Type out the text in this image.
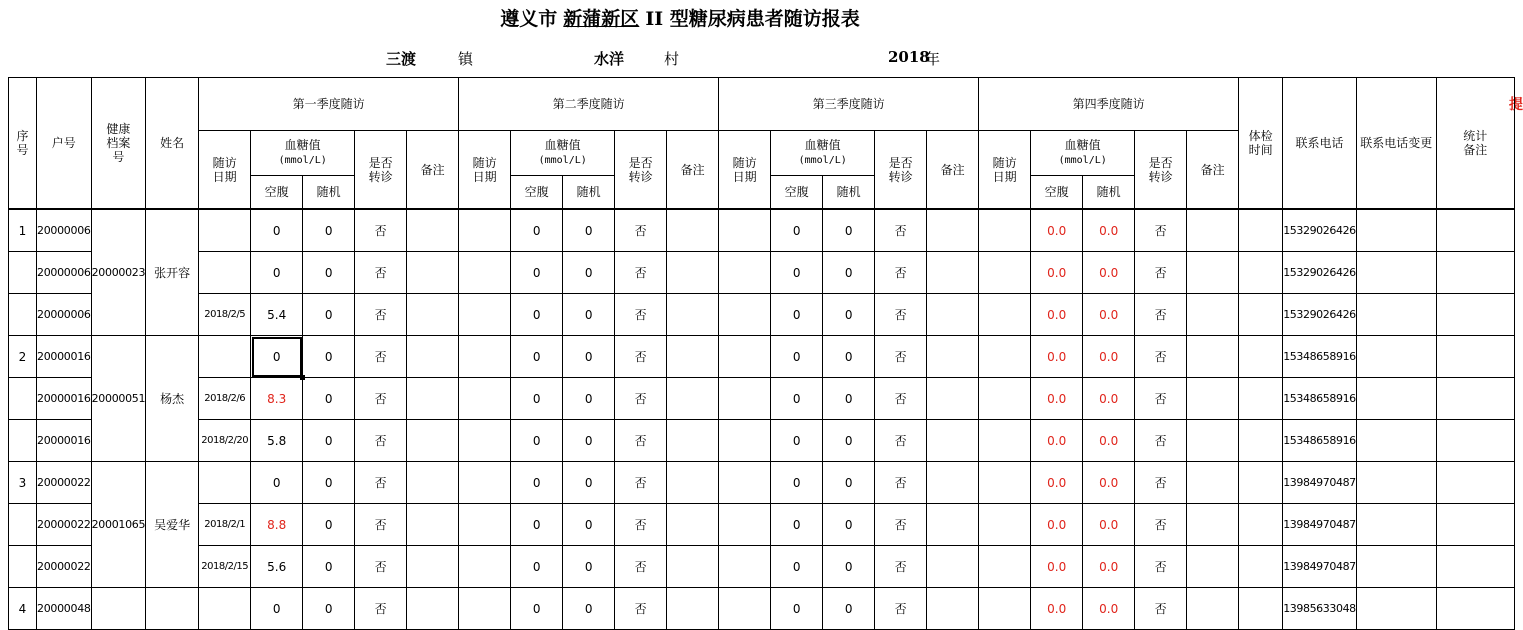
遵义市 新蒲新区 II 型糖尿病患者随访报表
三渡	镇	水洋	村	2018
年
提
序号	户号	健康档案号	姓名	第一季度随访					第二季度随访					第三季度随访					第四季度随访					体检时间	联系电话	联系电话变更	统计备注
				随访日期	血糖值
(mmol/L)		是否转诊	备注	随访日期	血糖值
(mmol/L)		是否转诊	备注	随访日期	血糖值
(mmol/L)		是否转诊	备注	随访日期	血糖值
(mmol/L)		是否转诊	备注				
					空腹	随机				空腹	随机				空腹	随机				空腹	随机						

1	20000006	20000023	张开容		0	0	否			0	0	否			0	0	否			0.0	0.0	否			15329026426		
	20000006				0	0	否			0	0	否			0	0	否			0.0	0.0	否			15329026426		
	20000006			2018/2/5	5.4	0	否			0	0	否			0	0	否			0.0	0.0	否			15329026426		
2	20000016	20000051	杨杰		0	0	否			0	0	否			0	0	否			0.0	0.0	否			15348658916		
	20000016			2018/2/6	8.3	0	否			0	0	否			0	0	否			0.0	0.0	否			15348658916		
	20000016			2018/2/20	5.8	0	否			0	0	否			0	0	否			0.0	0.0	否			15348658916		
3	20000022	20001065	吴爱华		0	0	否			0	0	否			0	0	否			0.0	0.0	否			13984970487		
	20000022			2018/2/1	8.8	0	否			0	0	否			0	0	否			0.0	0.0	否			13984970487		
	20000022			2018/2/15	5.6	0	否			0	0	否			0	0	否			0.0	0.0	否			13984970487		
4	20000048				0	0	否			0	0	否			0	0	否			0.0	0.0	否			13985633048		
